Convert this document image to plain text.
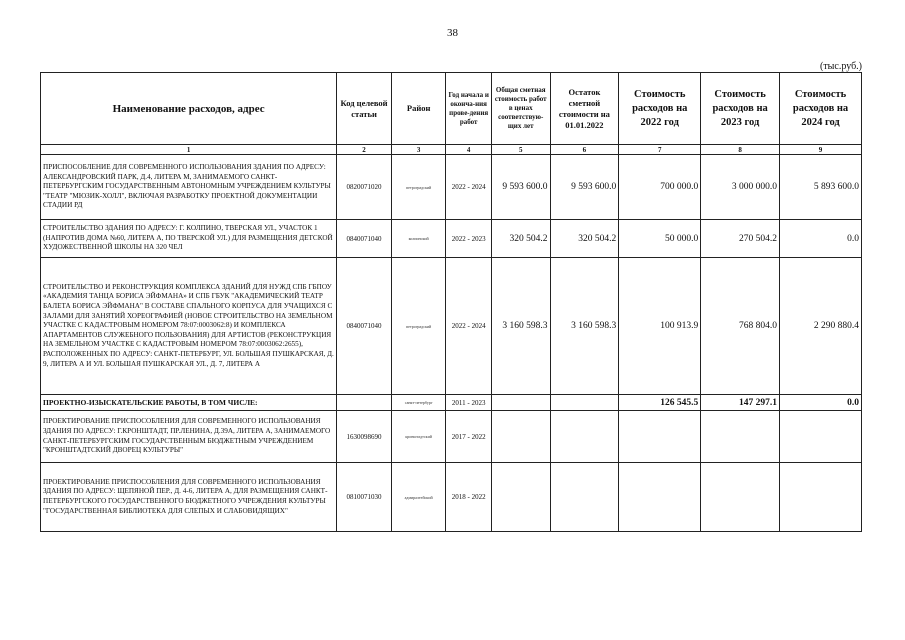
38
(тыс.руб.)
Наименование расходов, адрес	Код целевой статьи	Район	Год начала и оконча-ния прове-дения работ	Общая сметная стоимость работ в ценах соответствую-щих лет	Остаток сметной стоимости на 01.01.2022	Стоимость расходов на 2022 год	Стоимость расходов на 2023 год	Стоимость расходов на 2024 год
1	2	3	4	5	6	7	8	9
ПРИСПОСОБЛЕНИЕ ДЛЯ СОВРЕМЕННОГО ИСПОЛЬЗОВАНИЯ ЗДАНИЯ ПО АДРЕСУ: АЛЕКСАНДРОВСКИЙ ПАРК, Д.4, ЛИТЕРА М, ЗАНИМАЕМОГО САНКТ-ПЕТЕРБУРГСКИМ ГОСУДАРСТВЕННЫМ АВТОНОМНЫМ УЧРЕЖДЕНИЕМ КУЛЬТУРЫ "ТЕАТР "МЮЗИК-ХОЛЛ", ВКЛЮЧАЯ РАЗРАБОТКУ ПРОЕКТНОЙ ДОКУМЕНТАЦИИ СТАДИИ РД	0820071020	петроградский	2022 - 2024	9 593 600.0	9 593 600.0	700 000.0	3 000 000.0	5 893 600.0
СТРОИТЕЛЬСТВО ЗДАНИЯ ПО АДРЕСУ: Г. КОЛПИНО, ТВЕРСКАЯ УЛ., УЧАСТОК 1 (НАПРОТИВ ДОМА №60, ЛИТЕРА А, ПО ТВЕРСКОЙ УЛ.) ДЛЯ РАЗМЕЩЕНИЯ ДЕТСКОЙ ХУДОЖЕСТВЕННОЙ ШКОЛЫ НА 320 ЧЕЛ	0840071040	колпинский	2022 - 2023	320 504.2	320 504.2	50 000.0	270 504.2	0.0
СТРОИТЕЛЬСТВО И РЕКОНСТРУКЦИЯ КОМПЛЕКСА ЗДАНИЙ ДЛЯ НУЖД СПБ ГБПОУ «АКАДЕМИЯ ТАНЦА БОРИСА ЭЙФМАНА» И СПБ ГБУК "АКАДЕМИЧЕСКИЙ ТЕАТР БАЛЕТА БОРИСА ЭЙФМАНА" В СОСТАВЕ СПАЛЬНОГО КОРПУСА ДЛЯ УЧАЩИХСЯ С ЗАЛАМИ ДЛЯ ЗАНЯТИЙ ХОРЕОГРАФИЕЙ (НОВОЕ СТРОИТЕЛЬСТВО НА ЗЕМЕЛЬНОМ УЧАСТКЕ С КАДАСТРОВЫМ НОМЕРОМ 78:07:0003062:8) И КОМПЛЕКСА АПАРТАМЕНТОВ СЛУЖЕБНОГО ПОЛЬЗОВАНИЯ) ДЛЯ АРТИСТОВ (РЕКОНСТРУКЦИЯ НА ЗЕМЕЛЬНОМ УЧАСТКЕ С КАДАСТРОВЫМ НОМЕРОМ 78:07:0003062:2655), РАСПОЛОЖЕННЫХ ПО АДРЕСУ: САНКТ-ПЕТЕРБУРГ, УЛ. БОЛЬШАЯ ПУШКАРСКАЯ, Д. 9, ЛИТЕРА А И УЛ. БОЛЬШАЯ ПУШКАРСКАЯ УЛ., Д. 7, ЛИТЕРА А	0840071040	петроградский	2022 - 2024	3 160 598.3	3 160 598.3	100 913.9	768 804.0	2 290 880.4
ПРОЕКТНО-ИЗЫСКАТЕЛЬСКИЕ РАБОТЫ, В ТОМ ЧИСЛЕ:		санкт-петербург	2011 - 2023			126 545.5	147 297.1	0.0
ПРОЕКТИРОВАНИЕ ПРИСПОСОБЛЕНИЯ ДЛЯ СОВРЕМЕННОГО ИСПОЛЬЗОВАНИЯ ЗДАНИЯ ПО АДРЕСУ: Г.КРОНШТАДТ, ПР.ЛЕНИНА, Д.39А, ЛИТЕРА А, ЗАНИМАЕМОГО САНКТ-ПЕТЕРБУРГСКИМ ГОСУДАРСТВЕННЫМ БЮДЖЕТНЫМ УЧРЕЖДЕНИЕМ "КРОНШТАДТСКИЙ ДВОРЕЦ КУЛЬТУРЫ"	1630098690	кронштадтский	2017 - 2022					
ПРОЕКТИРОВАНИЕ ПРИСПОСОБЛЕНИЯ ДЛЯ СОВРЕМЕННОГО ИСПОЛЬЗОВАНИЯ ЗДАНИЯ ПО АДРЕСУ: ЩЕПЯНОЙ ПЕР., Д. 4-6, ЛИТЕРА А, ДЛЯ РАЗМЕЩЕНИЯ САНКТ-ПЕТЕРБУРГСКОГО ГОСУДАРСТВЕННОГО БЮДЖЕТНОГО УЧРЕЖДЕНИЯ КУЛЬТУРЫ "ГОСУДАРСТВЕННАЯ БИБЛИОТЕКА ДЛЯ СЛЕПЫХ И СЛАБОВИДЯЩИХ"	0810071030	адмиралтейский	2018 - 2022					
